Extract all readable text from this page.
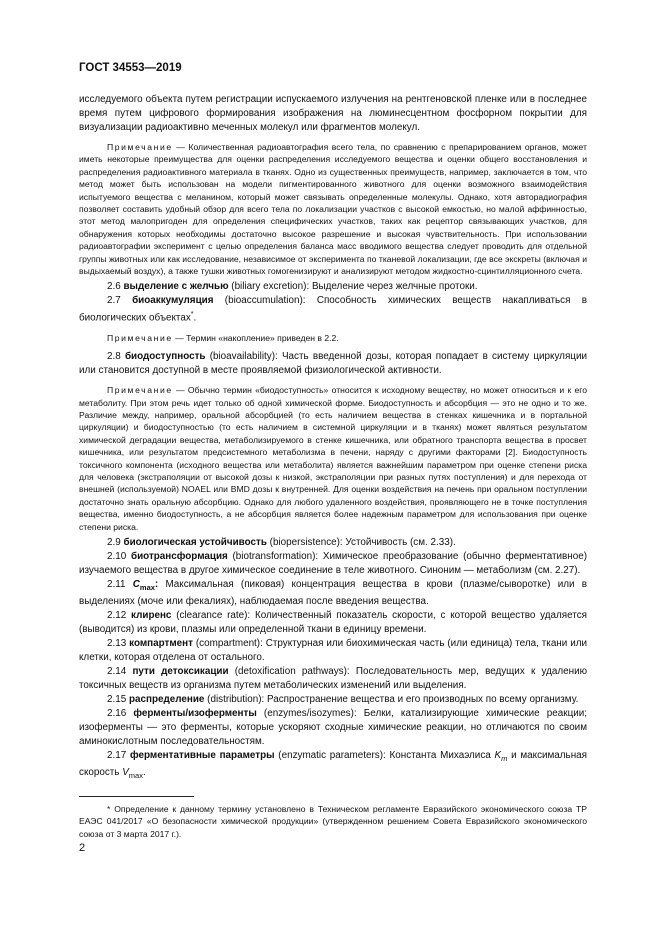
ГОСТ 34553—2019

исследуемого объекта путем регистрации испускаемого излучения на рентгеновской пленке или в последнее время путем цифрового формирования изображения на люминесцентном фосфорном покрытии для визуализации радиоактивно меченных молекул или фрагментов молекул.

Примечание — Количественная радиоавтография всего тела, по сравнению с препарированием органов, может иметь некоторые преимущества для оценки распределения исследуемого вещества и оценки общего восстановления и распределения радиоактивного материала в тканях. Одно из существенных преимуществ, например, заключается в том, что метод может быть использован на модели пигментированного животного для оценки возможного взаимодействия испытуемого вещества с меланином, который может связывать определенные молекулы. Однако, хотя авторадиография позволяет составить удобный обзор для всего тела по локализации участков с высокой емкостью, но малой аффинностью, этот метод малопригоден для определения специфических участков, таких как рецептор связывающих участков, для обнаружения которых необходимы достаточно высокое разрешение и высокая чувствительность. При использовании радиоавтографии эксперимент с целью определения баланса масс вводимого вещества следует проводить для отдельной группы животных или как исследование, независимое от эксперимента по тканевой локализации, где все экскреты (включая и выдыхаемый воздух), а также тушки животных гомогенизируют и анализируют методом жидкостно-сцинтилляционного счета.

2.6 выделение с желчью (biliary excretion): Выделение через желчные протоки.

2.7 биоаккумуляция (bioaccumulation): Способность химических веществ накапливаться в биологических объектах*.

Примечание — Термин «накопление» приведен в 2.2.

2.8 биодоступность (bioavailability): Часть введенной дозы, которая попадает в систему циркуляции или становится доступной в месте проявляемой физиологической активности.

Примечание — Обычно термин «биодоступность» относится к исходному веществу, но может относиться и к его метаболиту. При этом речь идет только об одной химической форме. Биодоступность и абсорбция — это не одно и то же. Различие между, например, оральной абсорбцией (то есть наличием вещества в стенках кишечника и в портальной циркуляции) и биодоступностью (то есть наличием в системной циркуляции и в тканях) может являться результатом химической деградации вещества, метаболизируемого в стенке кишечника, или обратного транспорта вещества в просвет кишечника, или результатом предсистемного метаболизма в печени, наряду с другими факторами [2]. Биодоступность токсичного компонента (исходного вещества или метаболита) является важнейшим параметром при оценке степени риска для человека (экстраполяции от высокой дозы к низкой, экстраполяции при разных путях поступления) и для перехода от внешней (используемой) NOAEL или BMD дозы к внутренней. Для оценки воздействия на печень при оральном поступлении достаточно знать оральную абсорбцию. Однако для любого удаленного воздействия, проявляющего не в точке поступления вещества, именно биодоступность, а не абсорбция является более надежным параметром для использования при оценке степени риска.

2.9 биологическая устойчивость (biopersistence): Устойчивость (см. 2.33).

2.10 биотрансформация (biotransformation): Химическое преобразование (обычно ферментативное) изучаемого вещества в другое химическое соединение в теле животного. Синоним — метаболизм (см. 2.27).

2.11 $C_{max}$: Максимальная (пиковая) концентрация вещества в крови (плазме/сыворотке) или в выделениях (моче или фекалиях), наблюдаемая после введения вещества.

2.12 клиренс (clearance rate): Количественный показатель скорости, с которой вещество удаляется (выводится) из крови, плазмы или определенной ткани в единицу времени.

2.13 компартмент (compartment): Структурная или биохимическая часть (или единица) тела, ткани или клетки, которая отделена от остального.

2.14 пути детоксикации (detoxification pathways): Последовательность мер, ведущих к удалению токсичных веществ из организма путем метаболических изменений или выделения.

2.15 распределение (distribution): Распространение вещества и его производных по всему организму.

2.16 ферменты/изоферменты (enzymes/isozymes): Белки, катализирующие химические реакции; изоферменты — это ферменты, которые ускоряют сходные химические реакции, но отличаются по своим аминокислотным последовательностям.

2.17 ферментативные параметры (enzymatic parameters): Константа Михаэлиса $K_m$ и максимальная скорость $V_{max}$.

* Определение к данному термину установлено в Техническом регламенте Евразийского экономического союза ТР ЕАЭС 041/2017 «О безопасности химической продукции» (утвержденном решением Совета Евразийского экономического союза от 3 марта 2017 г.).

2
